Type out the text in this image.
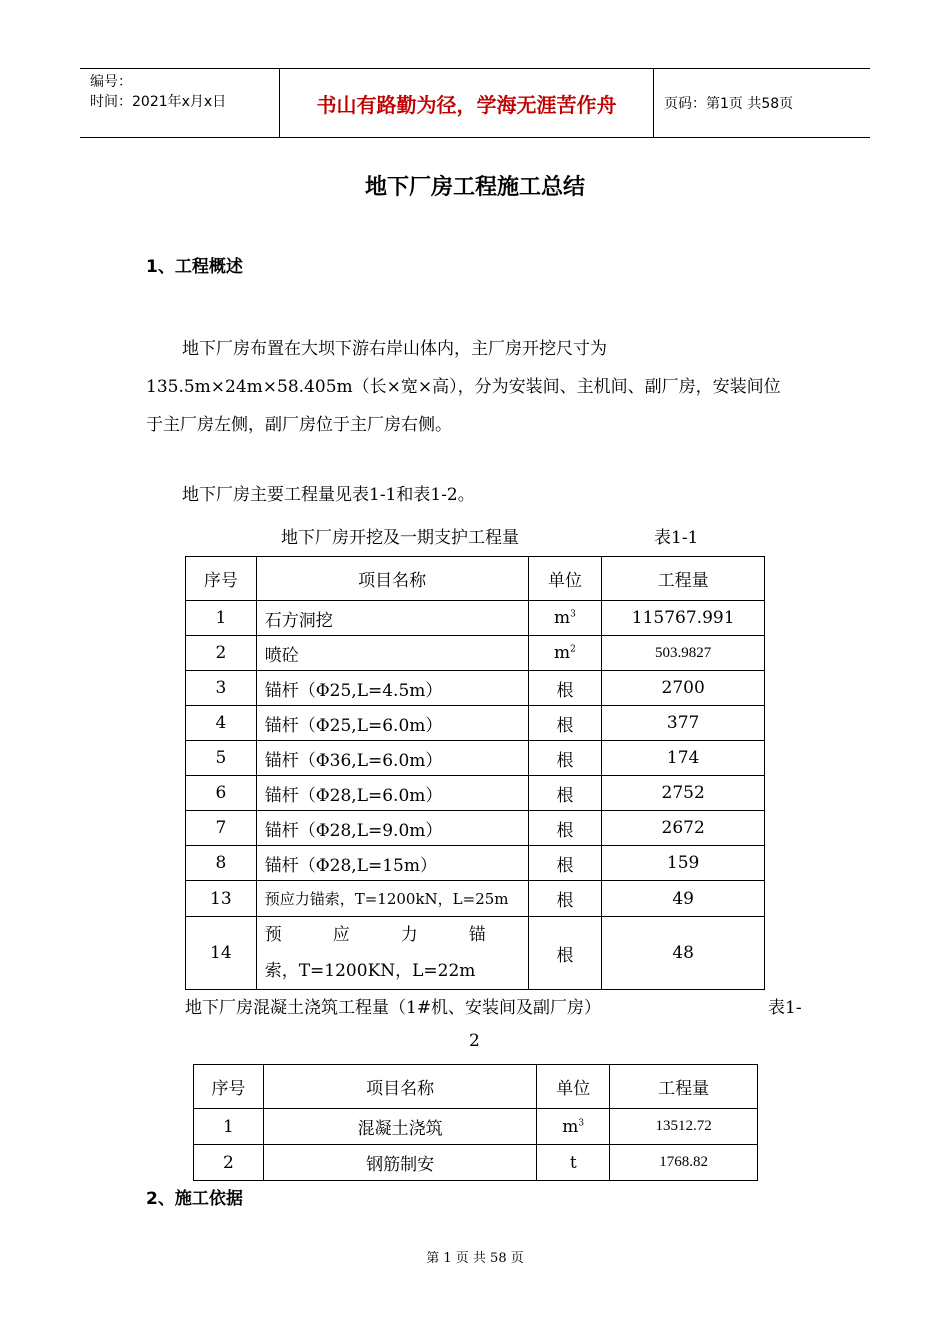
编号：
时间：2021年x月x日	书山有路勤为径，学海无涯苦作舟	页码：第1页 共58页
地下厂房工程施工总结
1、工程概述
地下厂房布置在大坝下游右岸山体内，主厂房开挖尺寸为
135.5m×24m×58.405m（长×宽×高），分为安装间、主机间、副厂房，安装间位
于主厂房左侧，副厂房位于主厂房右侧。
地下厂房主要工程量见表1-1和表1-2。
地下厂房开挖及一期支护工程量	表1-1
序号	项目名称	单位	工程量
1	石方洞挖	$m^3$	115767.991
2	喷砼	$m^2$	503.9827
3	锚杆（Φ25,L=4.5m）	根	2700
4	锚杆（Φ25,L=6.0m）	根	377
5	锚杆（Φ36,L=6.0m）	根	174
6	锚杆（Φ28,L=6.0m）	根	2752
7	锚杆（Φ28,L=9.0m）	根	2672
8	锚杆（Φ28,L=15m）	根	159
13	预应力锚索，T=1200kN，L=25m	根	49
14	预　　　应　　　力　　　锚
索，T=1200KN，L=22m	根	48
地下厂房混凝土浇筑工程量（1#机、安装间及副厂房）	表1-
2
序号	项目名称	单位	工程量
1	混凝土浇筑	$m^3$	13512.72
2	钢筋制安	t	1768.82
2、施工依据
第 1 页 共 58 页
